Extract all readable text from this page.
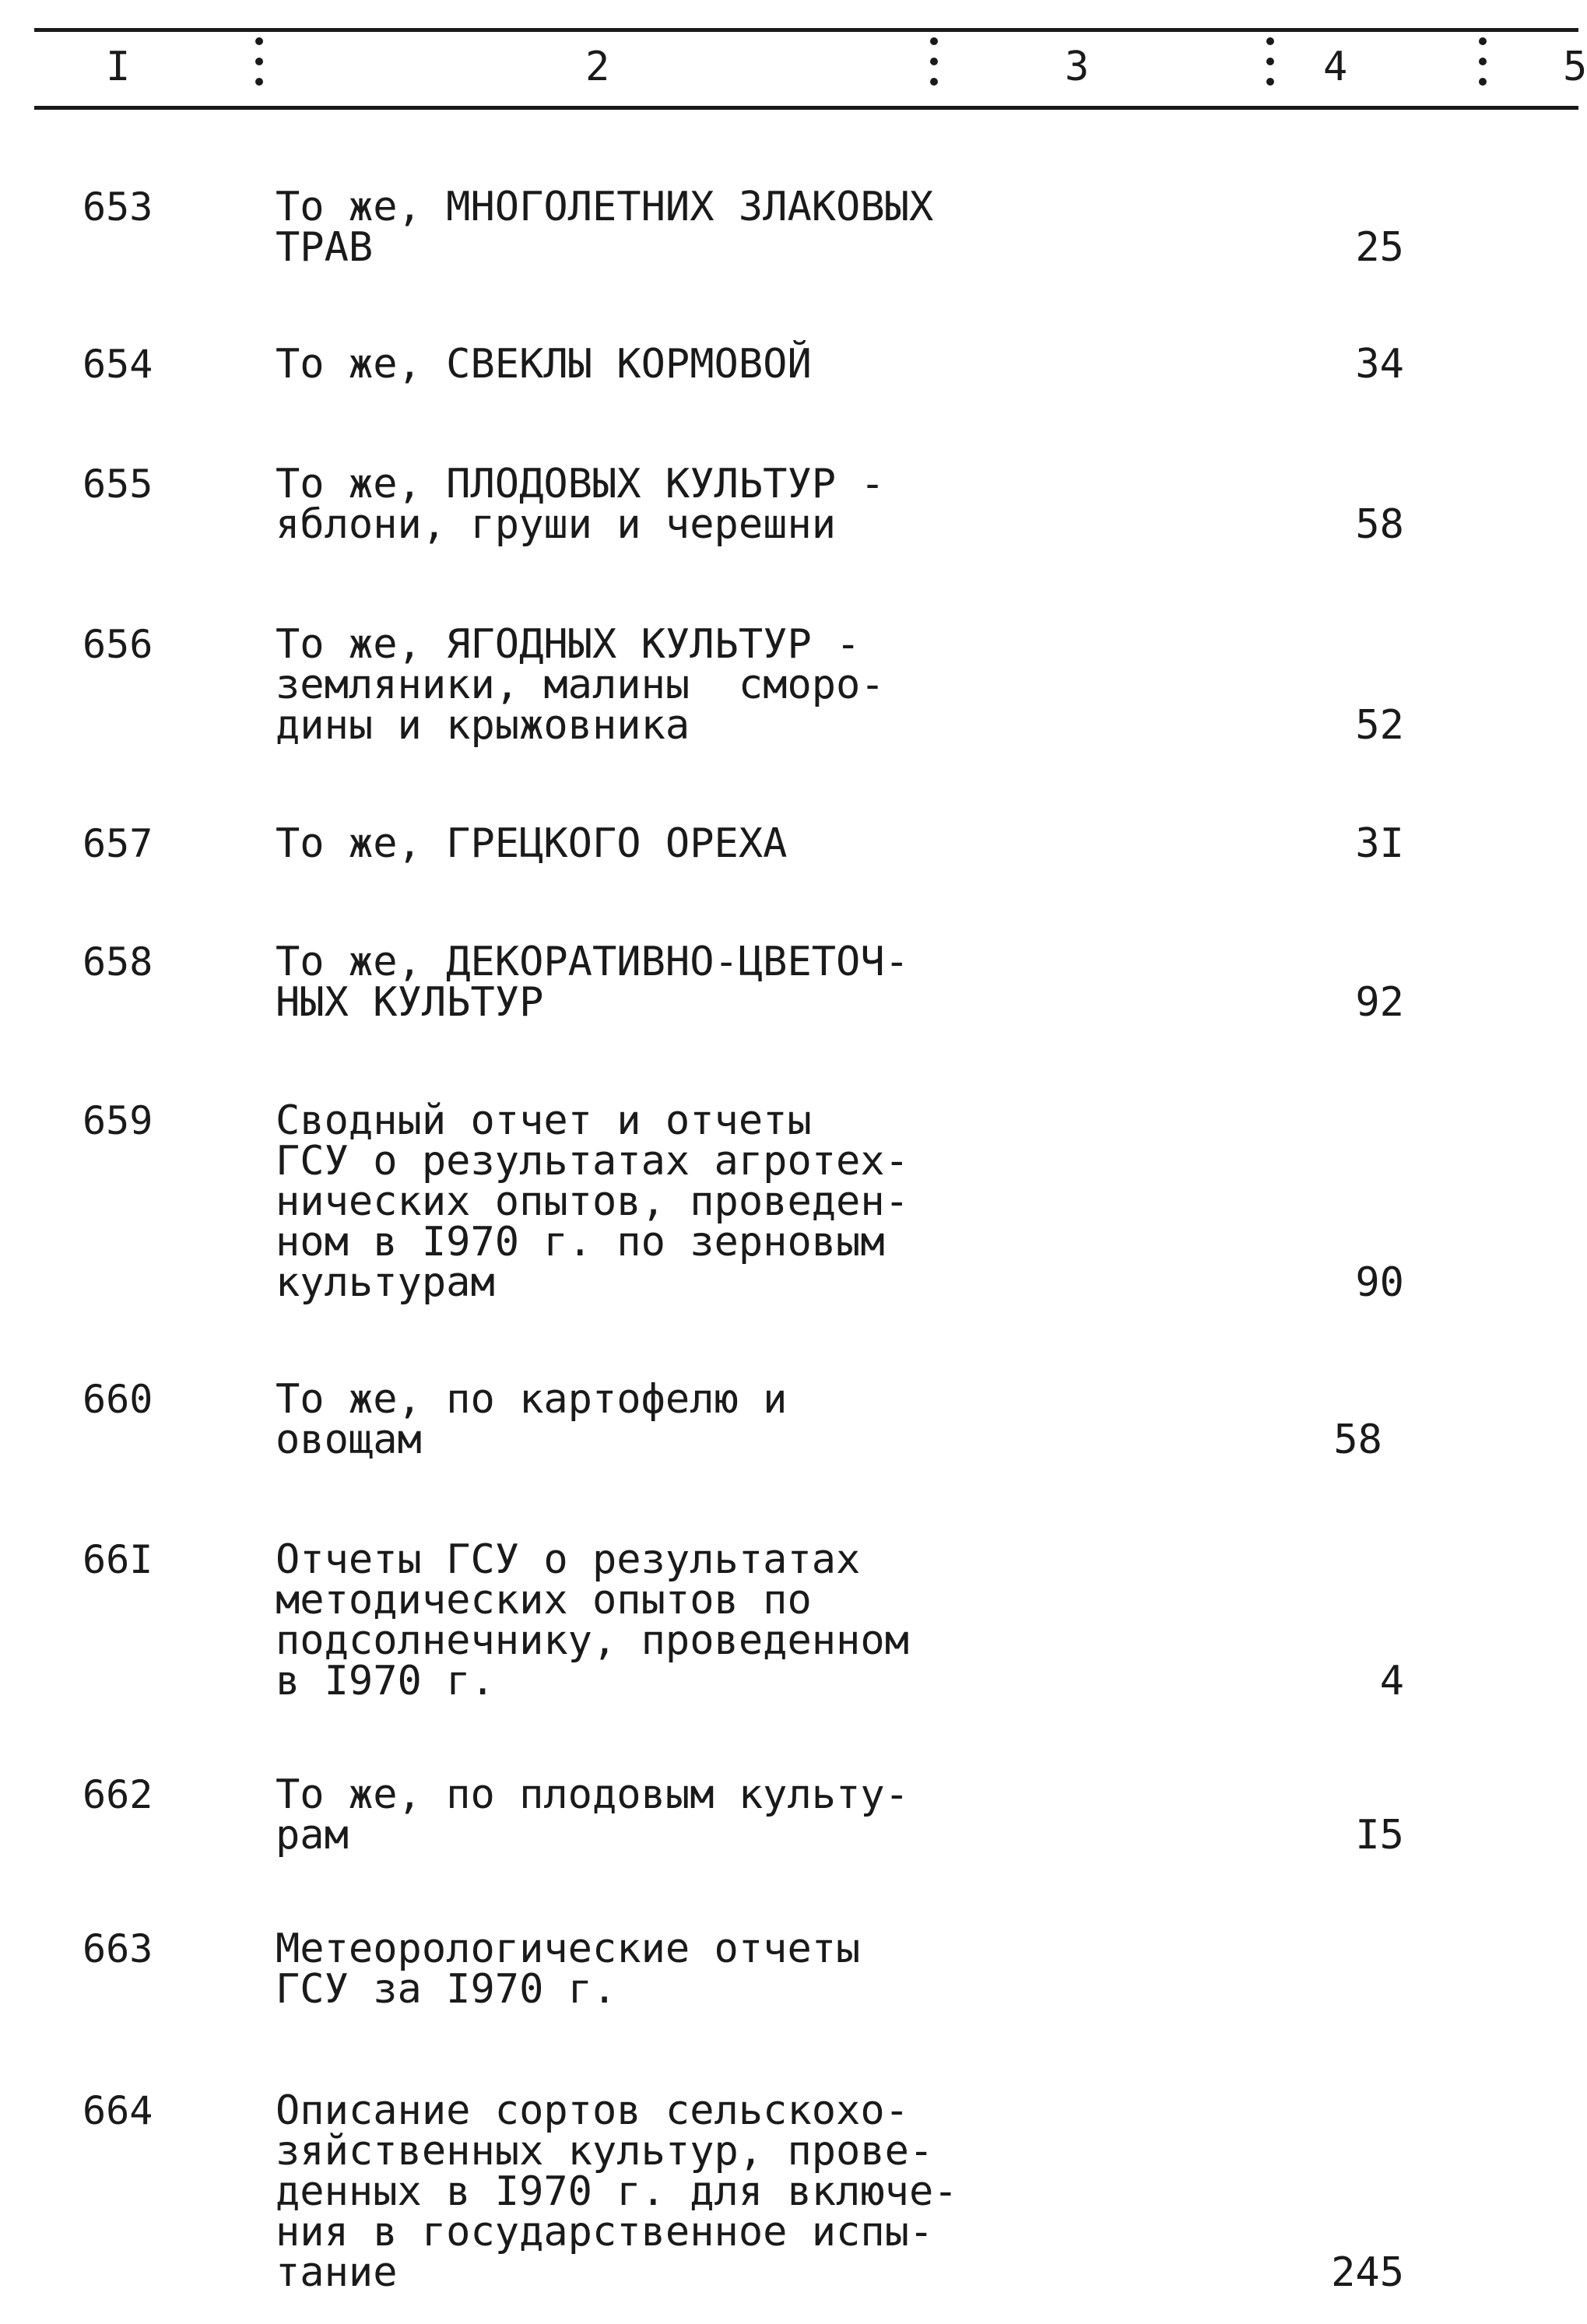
I	2	3	4	5
653	То же, МНОГОЛЕТНИХ ЗЛАКОВЫХ
ТРАВ	25
654	То же, СВЕКЛЫ КОРМОВОЙ	34
655	То же, ПЛОДОВЫХ КУЛЬТУР -
яблони, груши и черешни	58
656	То же, ЯГОДНЫХ КУЛЬТУР -
земляники, малины  сморо-
дины и крыжовника	52
657	То же, ГРЕЦКОГО ОРЕХА	3I
658	То же, ДЕКОРАТИВНО-ЦВЕТОЧ-
НЫХ КУЛЬТУР	92
659	Сводный отчет и отчеты
ГСУ о результатах агротех-
нических опытов, проведен-
ном в I970 г. по зерновым
культурам	90
660	То же, по картофелю и
овощам	58
66I	Отчеты ГСУ о результатах
методических опытов по
подсолнечнику, проведенном
в I970 г.	4
662	То же, по плодовым культу-
рам	I5
663	Метеорологические отчеты
ГСУ за I970 г.
664	Описание сортов сельскохо-
зяйственных культур, прове-
денных в I970 г. для включе-
ния в государственное испы-
тание	245
